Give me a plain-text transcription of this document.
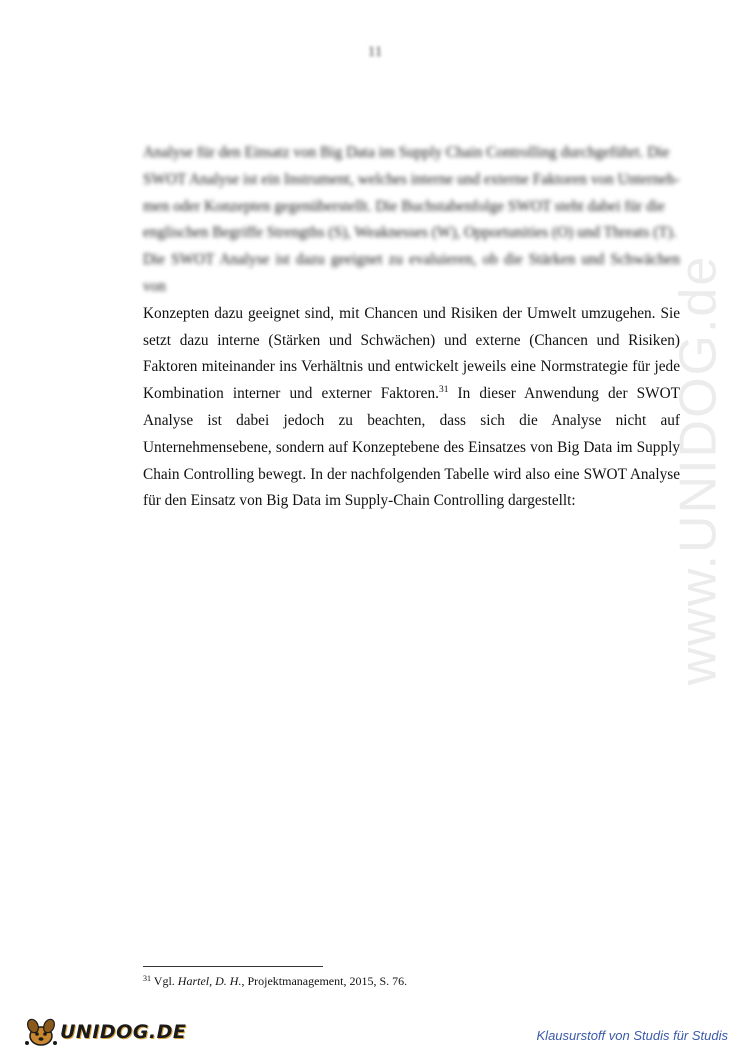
11
www.UNIDOG.de

Analyse für den Einsatz von Big Data im Supply Chain Controlling durchgeführt. Die

SWOT Analyse ist ein Instrument, welches interne und externe Faktoren von Unterneh-

men oder Konzepten gegenüberstellt. Die Buchstabenfolge SWOT steht dabei für die

englischen Begriffe Strengths (S), Weaknesses (W), Opportunities (O) und Threats (T).

Die SWOT Analyse ist dazu geeignet zu evaluieren, ob die Stärken und Schwächen von

Konzepten dazu geeignet sind, mit Chancen und Risiken der Umwelt umzugehen. Sie setzt dazu interne (Stärken und Schwächen) und externe (Chancen und Risiken) Faktoren miteinander ins Verhältnis und entwickelt jeweils eine Normstrategie für jede Kombination interner und externer Faktoren.$^{31}$ In dieser Anwendung der SWOT Analyse ist dabei jedoch zu beachten, dass sich die Analyse nicht auf Unternehmensebene, sondern auf Konzeptebene des Einsatzes von Big Data im Supply Chain Controlling bewegt. In der nachfolgenden Tabelle wird also eine SWOT Analyse für den Einsatz von Big Data im Supply-Chain Controlling dargestellt:

$^{31}$ Vgl. Hartel, D. H., Projektmanagement, 2015, S. 76.
UNIDOG.DE	Klausurstoff von Studis für Studis
